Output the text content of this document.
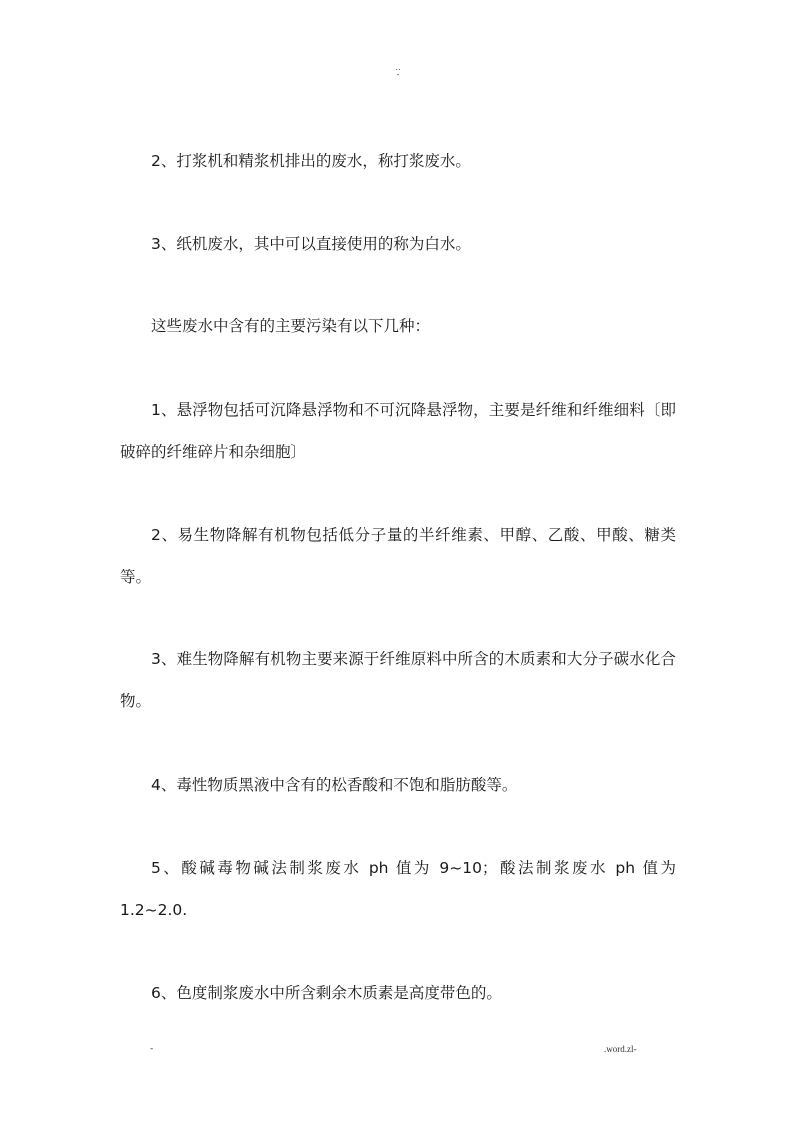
..
-

2、打浆机和精浆机排出的废水，称打浆废水。

3、纸机废水，其中可以直接使用的称为白水。

这些废水中含有的主要污染有以下几种：

1、悬浮物包括可沉降悬浮物和不可沉降悬浮物，主要是纤维和纤维细料〔即破碎的纤维碎片和杂细胞〕

2、易生物降解有机物包括低分子量的半纤维素、甲醇、乙酸、甲酸、糖类等。

3、难生物降解有机物主要来源于纤维原料中所含的木质素和大分子碳水化合物。

4、毒性物质黑液中含有的松香酸和不饱和脂肪酸等。

5、酸碱毒物碱法制浆废水 ph 值为 9~10；酸法制浆废水 ph 值为 1.2~2.0.

6、色度制浆废水中所含剩余木质素是高度带色的。

-	.word.zl-
